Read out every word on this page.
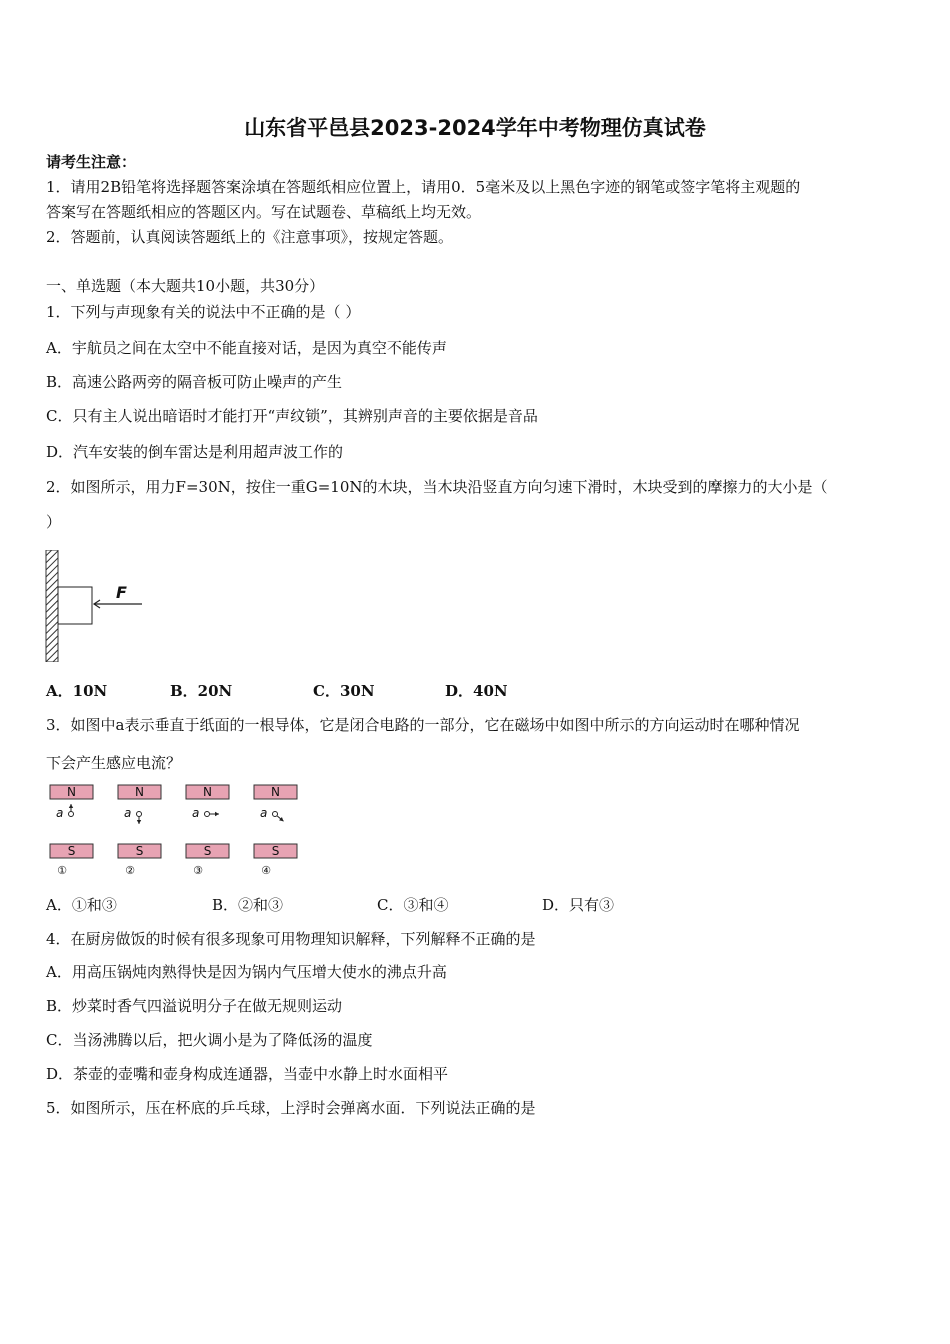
山东省平邑县2023-2024学年中考物理仿真试卷
请考生注意：
1．请用2B铅笔将选择题答案涂填在答题纸相应位置上，请用0．5毫米及以上黑色字迹的钢笔或签字笔将主观题的
答案写在答题纸相应的答题区内。写在试题卷、草稿纸上均无效。
2．答题前，认真阅读答题纸上的《注意事项》，按规定答题。
一、单选题（本大题共10小题，共30分）
1．下列与声现象有关的说法中不正确的是（ ）
A．宇航员之间在太空中不能直接对话，是因为真空不能传声
B．高速公路两旁的隔音板可防止噪声的产生
C．只有主人说出暗语时才能打开“声纹锁”，其辨别声音的主要依据是音品
D．汽车安装的倒车雷达是利用超声波工作的
2．如图所示，用力F=30N，按住一重G=10N的木块，当木块沿竖直方向匀速下滑时，木块受到的摩擦力的大小是（
）
F
A．10N	B．20N	C．30N	D．40N
3．如图中a表示垂直于纸面的一根导体，它是闭合电路的一部分，它在磁场中如图中所示的方向运动时在哪种情况
下会产生感应电流？
N
S
a
①
N
S
a
②
N
S
a
③
N
S
a
④
A．①和③	B．②和③	C．③和④	D．只有③
4．在厨房做饭的时候有很多现象可用物理知识解释，下列解释不正确的是
A．用高压锅炖肉熟得快是因为锅内气压增大使水的沸点升高
B．炒菜时香气四溢说明分子在做无规则运动
C．当汤沸腾以后，把火调小是为了降低汤的温度
D．茶壶的壶嘴和壶身构成连通器，当壶中水静上时水面相平
5．如图所示，压在杯底的乒乓球，上浮时会弹离水面．下列说法正确的是
